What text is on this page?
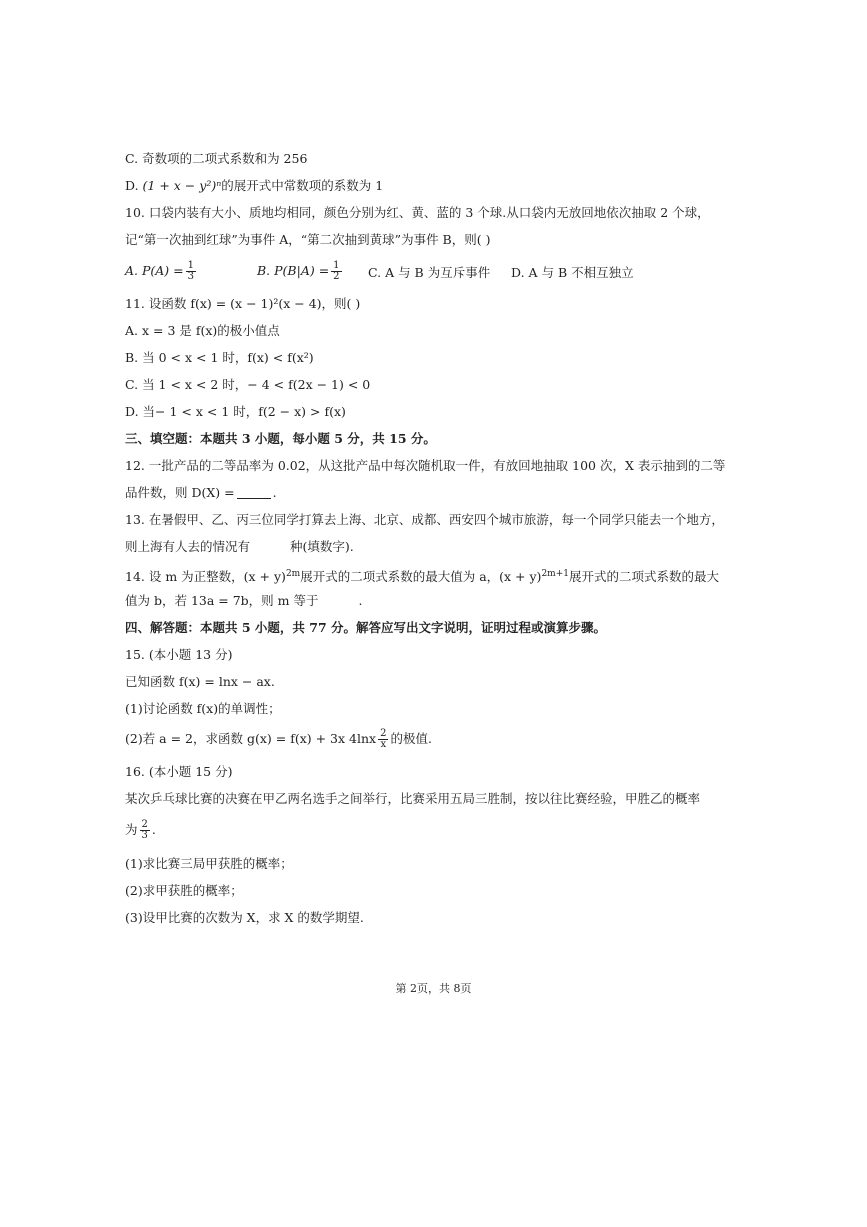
C. 奇数项的二项式系数和为 256
D. (1 + x − y²)ⁿ的展开式中常数项的系数为 1
10. 口袋内装有大小、质地均相同，颜色分别为红、黄、蓝的 3 个球.从口袋内无放回地依次抽取 2 个球，
记“第一次抽到红球”为事件 A，“第二次抽到黄球”为事件 B，则( )
A. $P(A) = \frac{1}{3}$	B. $P(B|A) = \frac{1}{2} C$. A 与 B 为互斥事件 D. A 与 B 不相互独立
11. 设函数 f(x) = (x − 1)²(x − 4)，则( )
A. x = 3 是 f(x)的极小值点
B. 当 0 < x < 1 时，f(x) < f(x²)
C. 当 1 < x < 2 时，− 4 < f(2x − 1) < 0
D. 当− 1 < x < 1 时，f(2 − x) > f(x)
三、填空题：本题共 3 小题，每小题 5 分，共 15 分。
12. 一批产品的二等品率为 0.02，从这批产品中每次随机取一件，有放回地抽取 100 次，X 表示抽到的二等
品件数，则 D(X) =	.
13. 在暑假甲、乙、丙三位同学打算去上海、北京、成都、西安四个城市旅游，每一个同学只能去一个地方，
则上海有人去的情况有	种(填数字).
14. 设 m 为正整数，$(x + y)^{2m}$展开式的二项式系数的最大值为 a，$(x + y)^{2m+1}$展开式的二项式系数的最大
值为 b，若 13a = 7b，则 m 等于	.
四、解答题：本题共 5 小题，共 77 分。解答应写出文字说明，证明过程或演算步骤。
15. (本小题 13 分)
已知函数 f(x) = lnx − ax.
(1)讨论函数 f(x)的单调性；
(2)若 a = 2，求函数 g(x) = f(x) + 3x $4\ln x \frac{2}{x}$ 的极值.
16. (本小题 15 分)
某次乒乓球比赛的决赛在甲乙两名选手之间举行，比赛采用五局三胜制，按以往比赛经验，甲胜乙的概率
为 $\frac{2}{3}$ .
(1)求比赛三局甲获胜的概率；
(2)求甲获胜的概率；
(3)设甲比赛的次数为 X，求 X 的数学期望.
第 2页，共 8页
